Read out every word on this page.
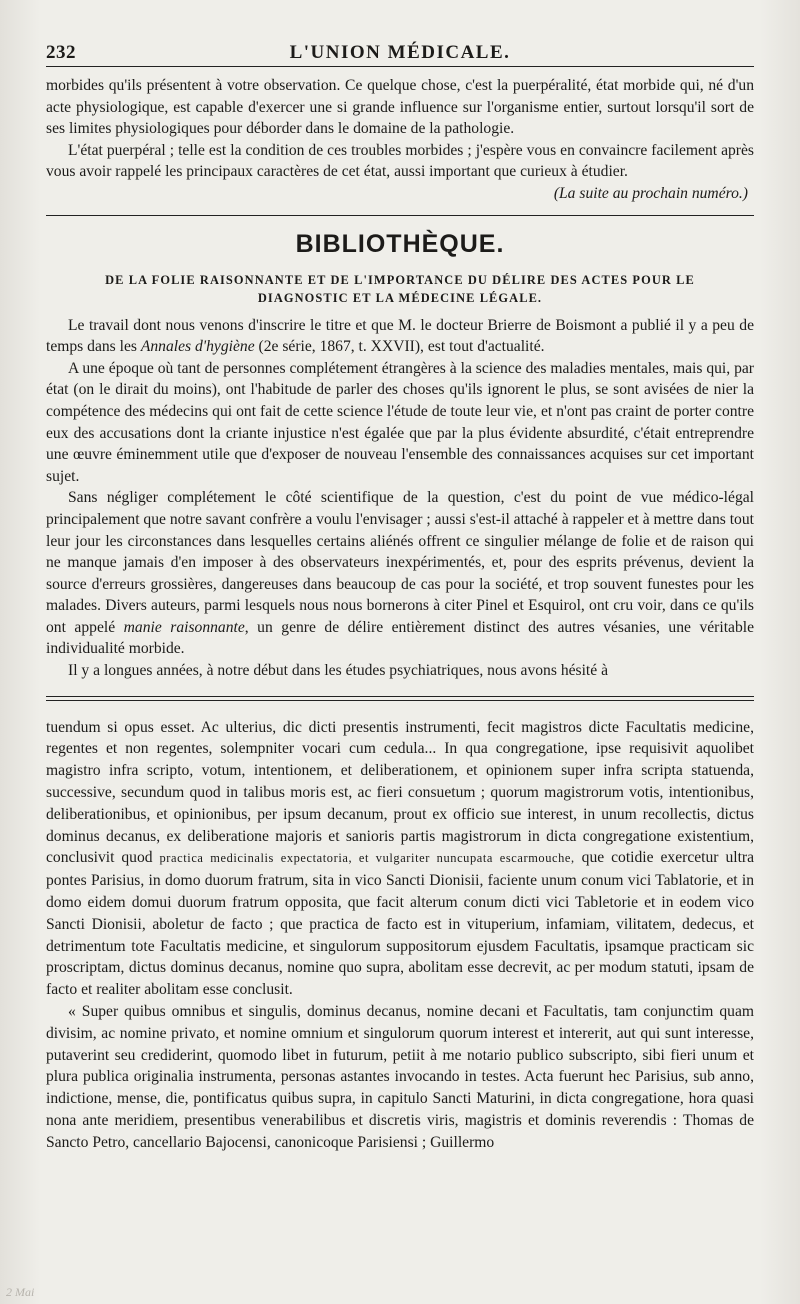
232	L'UNION MÉDICALE.

morbides qu'ils présentent à votre observation. Ce quelque chose, c'est la puerpéralité, état morbide qui, né d'un acte physiologique, est capable d'exercer une si grande influence sur l'organisme entier, surtout lorsqu'il sort de ses limites physiologiques pour déborder dans le domaine de la pathologie.

L'état puerpéral ; telle est la condition de ces troubles morbides ; j'espère vous en convaincre facilement après vous avoir rappelé les principaux caractères de cet état, aussi important que curieux à étudier.

(La suite au prochain numéro.)
BIBLIOTHÈQUE.
DE LA FOLIE RAISONNANTE ET DE L'IMPORTANCE DU DÉLIRE DES ACTES POUR LE
DIAGNOSTIC ET LA MÉDECINE LÉGALE.

Le travail dont nous venons d'inscrire le titre et que M. le docteur Brierre de Boismont a publié il y a peu de temps dans les Annales d'hygiène (2e série, 1867, t. XXVII), est tout d'actualité.

A une époque où tant de personnes complétement étrangères à la science des maladies mentales, mais qui, par état (on le dirait du moins), ont l'habitude de parler des choses qu'ils ignorent le plus, se sont avisées de nier la compétence des médecins qui ont fait de cette science l'étude de toute leur vie, et n'ont pas craint de porter contre eux des accusations dont la criante injustice n'est égalée que par la plus évidente absurdité, c'était entreprendre une œuvre éminemment utile que d'exposer de nouveau l'ensemble des connaissances acquises sur cet important sujet.

Sans négliger complétement le côté scientifique de la question, c'est du point de vue médico-légal principalement que notre savant confrère a voulu l'envisager ; aussi s'est-il attaché à rappeler et à mettre dans tout leur jour les circonstances dans lesquelles certains aliénés offrent ce singulier mélange de folie et de raison qui ne manque jamais d'en imposer à des observateurs inexpérimentés, et, pour des esprits prévenus, devient la source d'erreurs grossières, dangereuses dans beaucoup de cas pour la société, et trop souvent funestes pour les malades. Divers auteurs, parmi lesquels nous nous bornerons à citer Pinel et Esquirol, ont cru voir, dans ce qu'ils ont appelé manie raisonnante, un genre de délire entièrement distinct des autres vésanies, une véritable individualité morbide.

Il y a longues années, à notre début dans les études psychiatriques, nous avons hésité à

tuendum si opus esset. Ac ulterius, dic dicti presentis instrumenti, fecit magistros dicte Facultatis medicine, regentes et non regentes, solempniter vocari cum cedula... In qua congregatione, ipse requisivit aquolibet magistro infra scripto, votum, intentionem, et deliberationem, et opinionem super infra scripta statuenda, successive, secundum quod in talibus moris est, ac fieri consuetum ; quorum magistrorum votis, intentionibus, deliberationibus, et opinionibus, per ipsum decanum, prout ex officio sue interest, in unum recollectis, dictus dominus decanus, ex deliberatione majoris et sanioris partis magistrorum in dicta congregatione existentium, conclusivit quod practica medicinalis expectatoria, et vulgariter nuncupata escarmouche, que cotidie exercetur ultra pontes Parisius, in domo duorum fratrum, sita in vico Sancti Dionisii, faciente unum conum vici Tablatorie, et in domo eidem domui duorum fratrum opposita, que facit alterum conum dicti vici Tabletorie et in eodem vico Sancti Dionisii, aboletur de facto ; que practica de facto est in vituperium, infamiam, vilitatem, dedecus, et detrimentum tote Facultatis medicine, et singulorum suppositorum ejusdem Facultatis, ipsamque practicam sic proscriptam, dictus dominus decanus, nomine quo supra, abolitam esse decrevit, ac per modum statuti, ipsam de facto et realiter abolitam esse conclusit.

« Super quibus omnibus et singulis, dominus decanus, nomine decani et Facultatis, tam conjunctim quam divisim, ac nomine privato, et nomine omnium et singulorum quorum interest et intererit, aut qui sunt interesse, putaverint seu crediderint, quomodo libet in futurum, petiit à me notario publico subscripto, sibi fieri unum et plura publica originalia instrumenta, personas astantes invocando in testes. Acta fuerunt hec Parisius, sub anno, indictione, mense, die, pontificatus quibus supra, in capitulo Sancti Maturini, in dicta congregatione, hora quasi nona ante meridiem, presentibus venerabilibus et discretis viris, magistris et dominis reverendis : Thomas de Sancto Petro, cancellario Bajocensi, canonicoque Parisiensi ; Guillermo

2 Mai
